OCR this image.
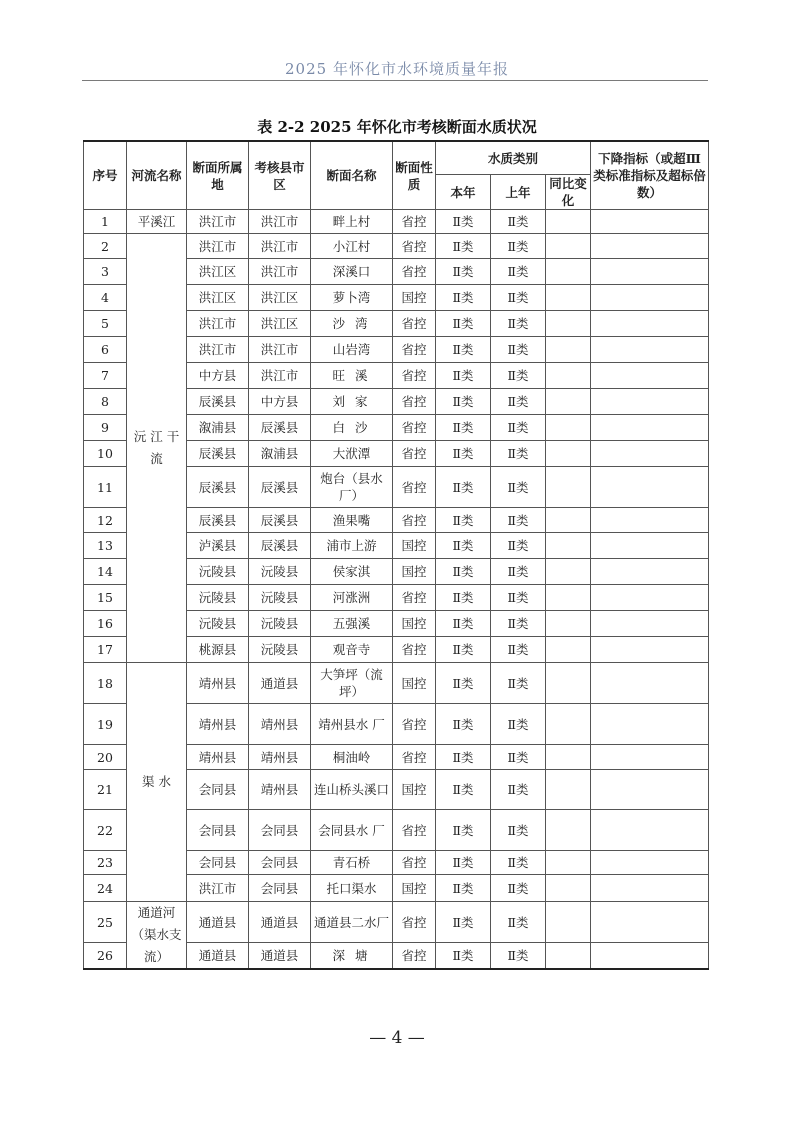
2025 年怀化市水环境质量年报
表 2-2 2025 年怀化市考核断面水质状况
序号	河流名称	断面所属地	考核县市区	断面名称	断面性质	水质类别			下降指标（或超Ⅲ类标准指标及超标倍数）
						本年	上年	同比变化	
1	平溪江	洪江市	洪江市	畔上村	省控	Ⅱ类	Ⅱ类		
2	沅 江 干 流	洪江市	洪江市	小江村	省控	Ⅱ类	Ⅱ类		
3		洪江区	洪江市	深溪口	省控	Ⅱ类	Ⅱ类		
4		洪江区	洪江区	萝卜湾	国控	Ⅱ类	Ⅱ类		
5		洪江市	洪江区	沙 湾	省控	Ⅱ类	Ⅱ类		
6		洪江市	洪江市	山岩湾	省控	Ⅱ类	Ⅱ类		
7		中方县	洪江市	旺 溪	省控	Ⅱ类	Ⅱ类		
8		辰溪县	中方县	刘 家	省控	Ⅱ类	Ⅱ类		
9		溆浦县	辰溪县	白 沙	省控	Ⅱ类	Ⅱ类		
10		辰溪县	溆浦县	大洑潭	省控	Ⅱ类	Ⅱ类		
11		辰溪县	辰溪县	炮台（县水厂）	省控	Ⅱ类	Ⅱ类		
12		辰溪县	辰溪县	渔果嘴	省控	Ⅱ类	Ⅱ类		
13		泸溪县	辰溪县	浦市上游	国控	Ⅱ类	Ⅱ类		
14		沅陵县	沅陵县	侯家淇	国控	Ⅱ类	Ⅱ类		
15		沅陵县	沅陵县	河涨洲	省控	Ⅱ类	Ⅱ类		
16		沅陵县	沅陵县	五强溪	国控	Ⅱ类	Ⅱ类		
17		桃源县	沅陵县	观音寺	省控	Ⅱ类	Ⅱ类		
18	渠 水	靖州县	通道县	大笋坪（流坪）	国控	Ⅱ类	Ⅱ类		
19		靖州县	靖州县	靖州县水 厂	省控	Ⅱ类	Ⅱ类		
20		靖州县	靖州县	桐油岭	省控	Ⅱ类	Ⅱ类		
21		会同县	靖州县	连山桥头溪口	国控	Ⅱ类	Ⅱ类		
22		会同县	会同县	会同县水 厂	省控	Ⅱ类	Ⅱ类		
23		会同县	会同县	青石桥	省控	Ⅱ类	Ⅱ类		
24		洪江市	会同县	托口渠水	国控	Ⅱ类	Ⅱ类		
25	通道河（渠水支流）	通道县	通道县	通道县二水厂	省控	Ⅱ类	Ⅱ类		
26		通道县	通道县	深 塘	省控	Ⅱ类	Ⅱ类		
— 4 —
